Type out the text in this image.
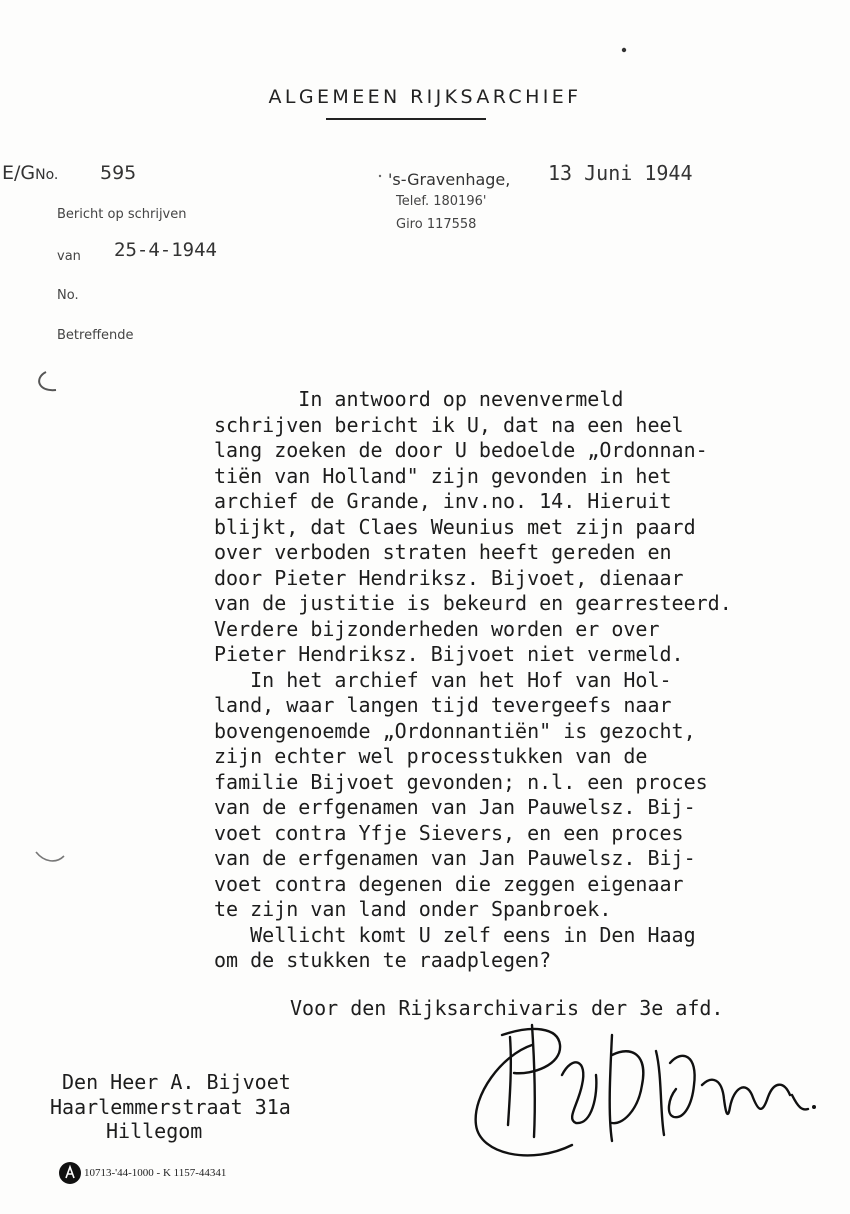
ALGEMEEN RIJKSARCHIEF
E/GNo. 595	's-Gravenhage,
Telef. 180196'
Giro 117558
13 Juni 1944
Bericht op schrijven
van 25-4-1944
No.
Betreffende
In antwoord op nevenvermeld
schrijven bericht ik U, dat na een heel
lang zoeken de door U bedoelde „Ordonnan-
tiën van Holland" zijn gevonden in het
archief de Grande, inv.no. 14. Hieruit
blijkt, dat Claes Weunius met zijn paard
over verboden straten heeft gereden en
door Pieter Hendriksz. Bijvoet, dienaar
van de justitie is bekeurd en gearresteerd.
Verdere bijzonderheden worden er over
Pieter Hendriksz. Bijvoet niet vermeld.
In het archief van het Hof van Hol-
land, waar langen tijd tevergeefs naar
bovengenoemde „Ordonnantiën" is gezocht,
zijn echter wel processtukken van de
familie Bijvoet gevonden; n.l. een proces
van de erfgenamen van Jan Pauwelsz. Bij-
voet contra Yfje Sievers, en een proces
van de erfgenamen van Jan Pauwelsz. Bij-
voet contra degenen die zeggen eigenaar
te zijn van land onder Spanbroek.
Wellicht komt U zelf eens in Den Haag
om de stukken te raadplegen?
Voor den Rijksarchivaris der 3e afd.
Den Heer A. Bijvoet
Haarlemmerstraat 31a
Hillegom
10713-'44-1000 - K 1157-44341
